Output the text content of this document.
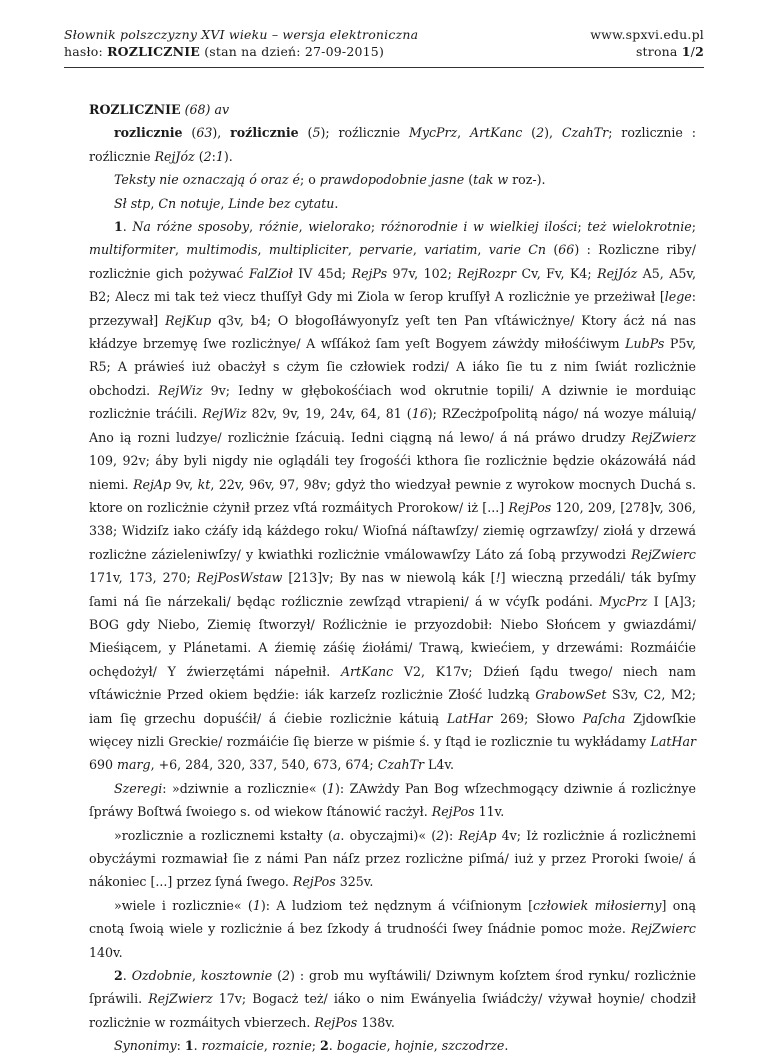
Słownik polszczyzny XVI wieku – wersja elektroniczna
hasło: ROZLICZNIE (stan na dzień: 27-09-2015)
www.spxvi.edu.pl
strona 1/2

ROZLICZNIE (68) av

rozlicznie (63), roźlicznie (5); roźlicznie MycPrz, ArtKanc (2), CzahTr; rozlicznie : roźlicznie RejJóz (2:1).

Teksty nie oznaczają ó oraz é; o prawdopodobnie jasne (tak w roz-).

Sł stp, Cn notuje, Linde bez cytatu.

1. Na różne sposoby, różnie, wielorako; różnorodnie i w wielkiej ilości; też wielokrotnie; multiformiter, multimodis, multipliciter, pervarie, variatim, varie Cn (66) : Rozliczne riby/ rozlicżnie gich pożywać FalZioł IV 45d; RejPs 97v, 102; RejRozpr Cv, Fv, K4; RejJóz A5, A5v, B2; Alecz mi tak też viecz thuſſył Gdy mi Ziola w ſerop kruſſył A rozlicżnie ye przeżiwał [lege: przezywał] RejKup q3v, b4; O błogoſłáwyonyſz yeſt ten Pan vſtáwicżnye/ Ktory ácż ná nas kłádzye brzemyę ſwe rozlicżnye/ A wſſákoż ſam yeſt Bogyem záwżdy miłośćiwym LubPs P5v, R5; A práwieś iuż obacżył s cżym ſie człowiek rodzi/ A iáko ſie tu z nim ſwiát rozlicżnie obchodzi. RejWiz 9v; Iedny w głębokośćiach wod okrutnie topili/ A dziwnie ie morduiąc rozlicżnie tráćili. RejWiz 82v, 9v, 19, 24v, 64, 81 (16); RZecżpoſpolitą nágo/ ná wozye máluią/ Ano ią rozni ludzye/ rozlicżnie ſzácuią. Iedni ciągną ná lewo/ á ná práwo drudzy RejZwierz 109, 92v; áby byli nigdy nie oglądáli tey ſrogośći kthora ſie rozlicżnie będzie okázowáłá nád niemi. RejAp 9v, kt, 22v, 96v, 97, 98v; gdyż tho wiedzyał pewnie z wyrokow mocnych Duchá s. ktore on rozlicżnie cżynił przez vſtá rozmáitych Prorokow/ iż [...] RejPos 120, 209, [278]v, 306, 338; Widziſz iako cżáſy idą káżdego roku/ Wioſná náſtawſzy/ ziemię ogrzawſzy/ ziołá y drzewá rozlicżne zázieleniwſzy/ y kwiathki rozlicżnie vmálowawſzy Láto zá ſobą przywodzi RejZwierc 171v, 173, 270; RejPosWstaw [213]v; By nas w niewolą kák [!] wieczną przedáli/ ták byſmy ſami ná ſie nárzekali/ będąc roźlicznie zewſząd vtrapieni/ á w vćyſk podáni. MycPrz I [A]3; BOG gdy Niebo, Ziemię ſtworzył/ Roźlicżnie ie przyozdobił: Niebo Słońcem y gwiazdámi/ Mieśiącem, y Plánetami. A źiemię záśię źiołámi/ Trawą, kwiećiem, y drzewámi: Rozmáićie ochędożył/ Y źwierzętámi nápełnił. ArtKanc V2, K17v; Dźień ſądu twego/ niech nam vſtáwicżnie Przed okiem będźie: iák karzeſz rozlicżnie Złość ludzką GrabowSet S3v, C2, M2; iam ſię grzechu dopuśćił/ á ćiebie rozlicżnie kátuią LatHar 269; Słowo Paſcha Zjdowſkie więcey nizli Greckie/ rozmáićie ſię bierze w piśmie ś. y ſtąd ie rozlicznie tu wykłádamy LatHar 690 marg, +6, 284, 320, 337, 540, 673, 674; CzahTr L4v.

Szeregi: »dziwnie a rozlicznie« (1): ZAwżdy Pan Bog wſzechmogący dziwnie á rozlicżnye ſpráwy Boſtwá ſwoiego s. od wiekow ſtánowić racżył. RejPos 11v.

»rozlicznie a rozlicznemi kstałty (a. obyczajmi)« (2): RejAp 4v; Iż rozlicżnie á rozlicżnemi obycżáymi rozmawiał ſie z námi Pan náſz przez rozlicżne piſmá/ iuż y przez Proroki ſwoie/ á nákoniec [...] przez ſyná ſwego. RejPos 325v.

»wiele i rozlicznie« (1): A ludziom też nędznym á vćiſnionym [człowiek miłosierny] oną cnotą ſwoią wiele y rozlicżnie á bez ſzkody á trudnośći ſwey ſnádnie pomoc może. RejZwierc 140v.

2. Ozdobnie, kosztownie (2) : grob mu wyſtáwili/ Dziwnym koſztem środ rynku/ rozlicżnie ſpráwili. RejZwierz 17v; Bogacż też/ iáko o nim Ewányelia ſwiádcży/ vżywał hoynie/ chodził rozlicżnie w rozmáitych vbierzech. RejPos 138v.

Synonimy: 1. rozmaicie, roznie; 2. bogacie, hojnie, szczodrze.
